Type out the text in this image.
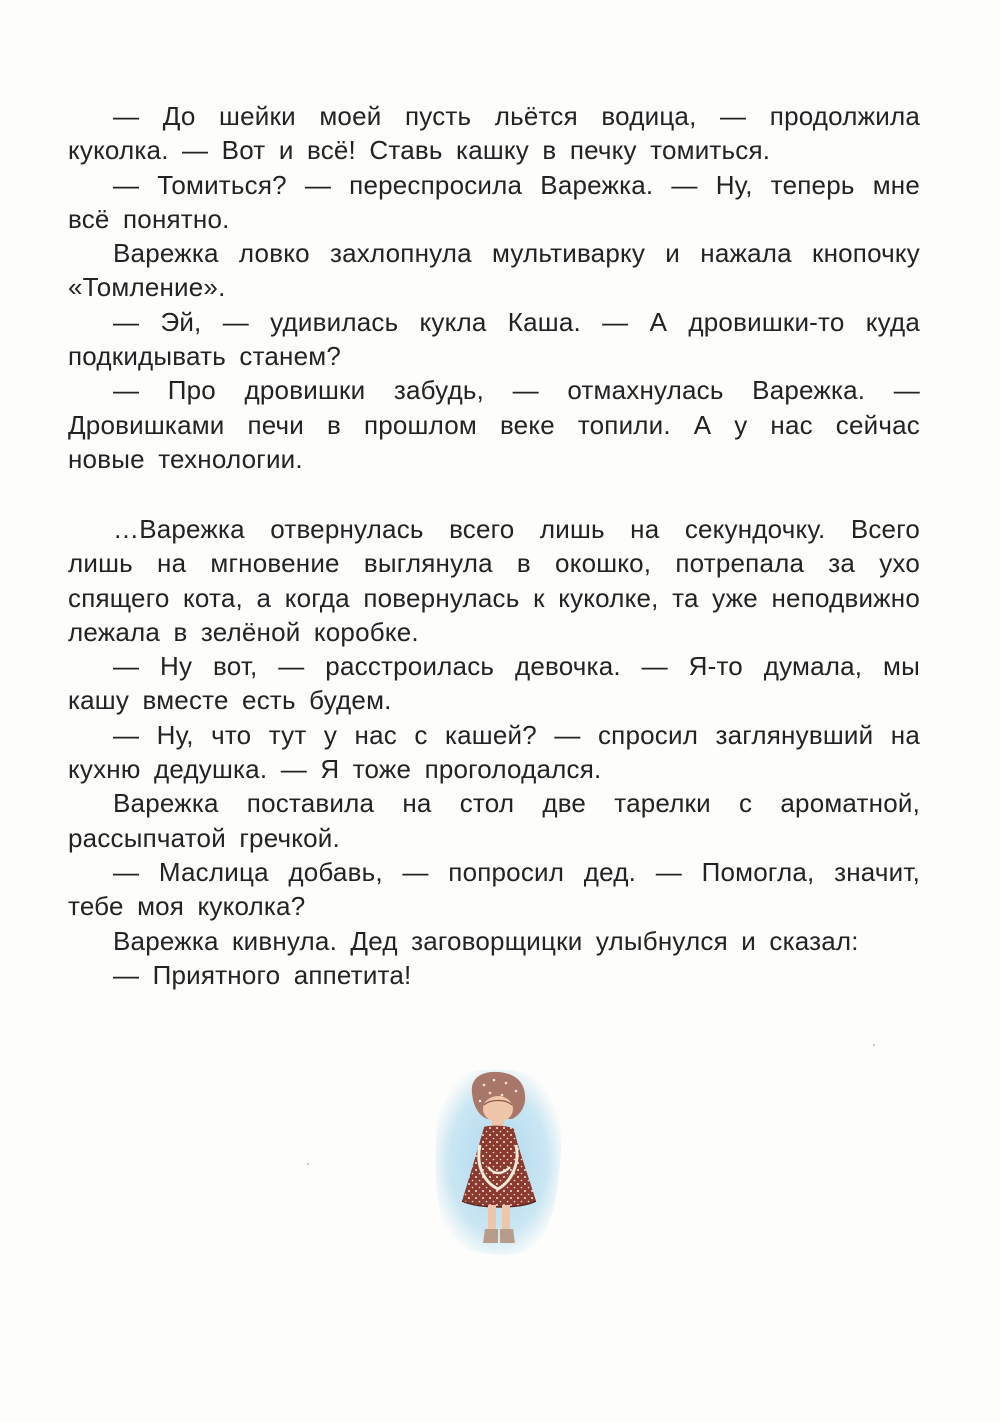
— До шейки моей пусть льётся водица, — продолжила куколка. — Вот и всё! Ставь кашку в печку томиться.

— Томиться? — переспросила Варежка. — Ну, теперь мне всё понятно.

Варежка ловко захлопнула мультиварку и нажала кнопочку «Томление».

— Эй, — удивилась кукла Каша. — А дровишки-то куда подкидывать станем?

— Про дровишки забудь, — отмахнулась Варежка. — Дровишками печи в прошлом веке топили. А у нас сейчас новые технологии.

…Варежка отвернулась всего лишь на секундочку. Всего лишь на мгновение выглянула в окошко, потрепала за ухо спящего кота, а когда повернулась к куколке, та уже неподвижно лежала в зелёной коробке.

— Ну вот, — расстроилась девочка. — Я-то думала, мы кашу вместе есть будем.

— Ну, что тут у нас с кашей? — спросил заглянувший на кухню дедушка. — Я тоже проголодался.

Варежка поставила на стол две тарелки с ароматной, рассыпчатой гречкой.

— Маслица добавь, — попросил дед. — Помогла, значит, тебе моя куколка?

Варежка кивнула. Дед заговорщицки улыбнулся и сказал:

— Приятного аппетита!
